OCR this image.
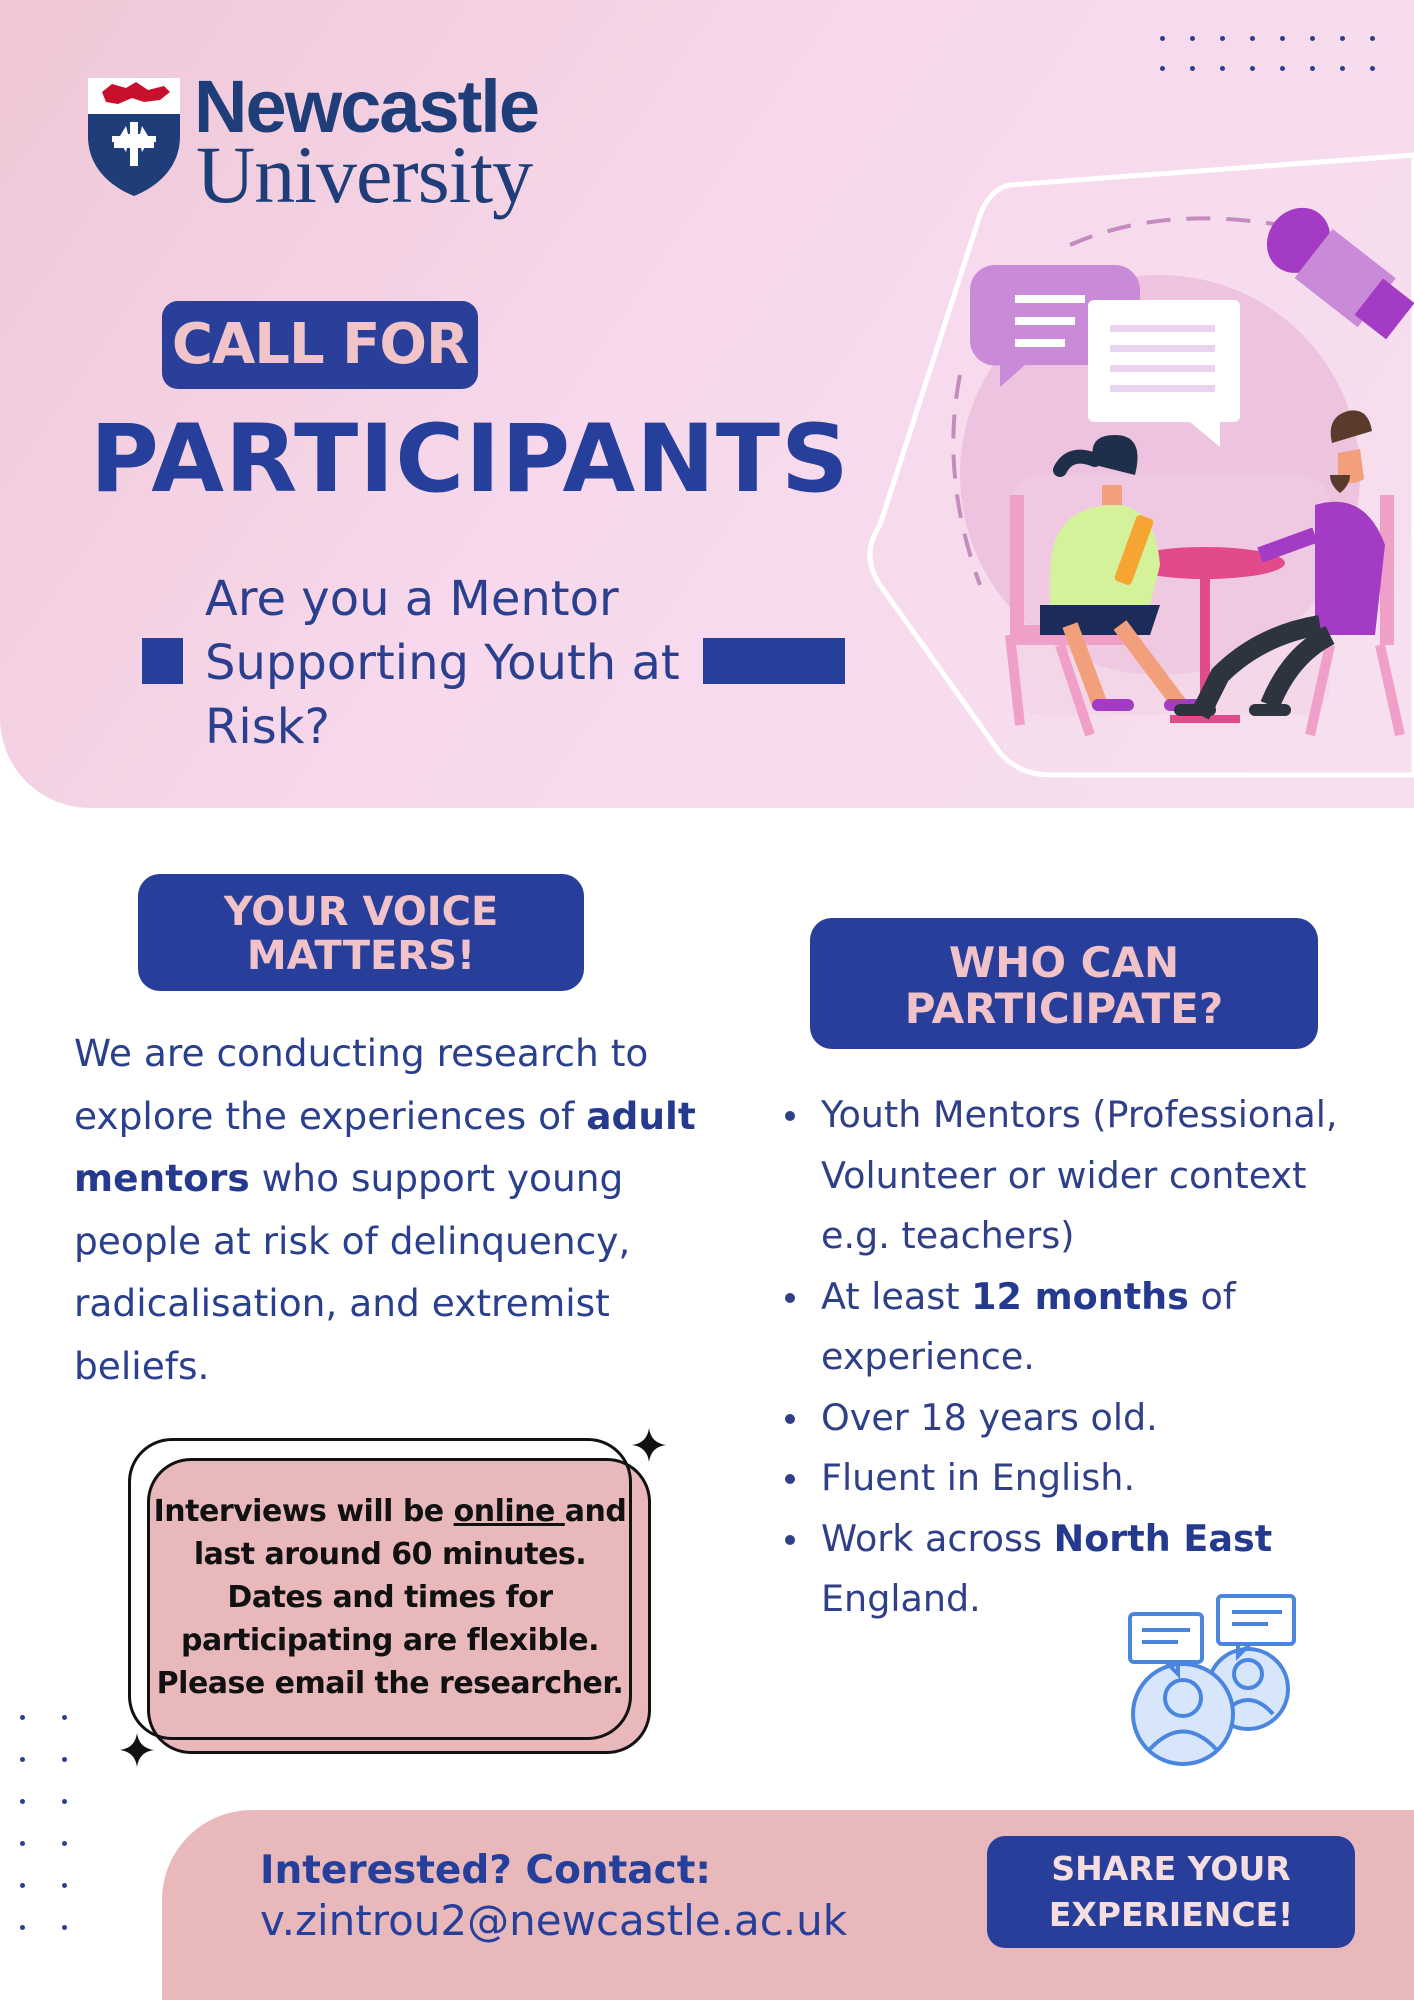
Newcastle
University
CALL FOR
PARTICIPANTS
Are you a Mentor Supporting Youth at Risk?
YOUR VOICE
MATTERS!
We are conducting research to explore the experiences of adult mentors who support young people at risk of delinquency, radicalisation, and extremist beliefs.
Interviews will be online and last around 60 minutes. Dates and times for participating are flexible. Please email the researcher.
WHO CAN
PARTICIPATE?
Youth Mentors (Professional, Volunteer or wider context e.g. teachers)
At least 12 months of experience.
Over 18 years old.
Fluent in English.
Work across North East England.
Interested? Contact:
v.zintrou2@newcastle.ac.uk
SHARE YOUR
EXPERIENCE!
